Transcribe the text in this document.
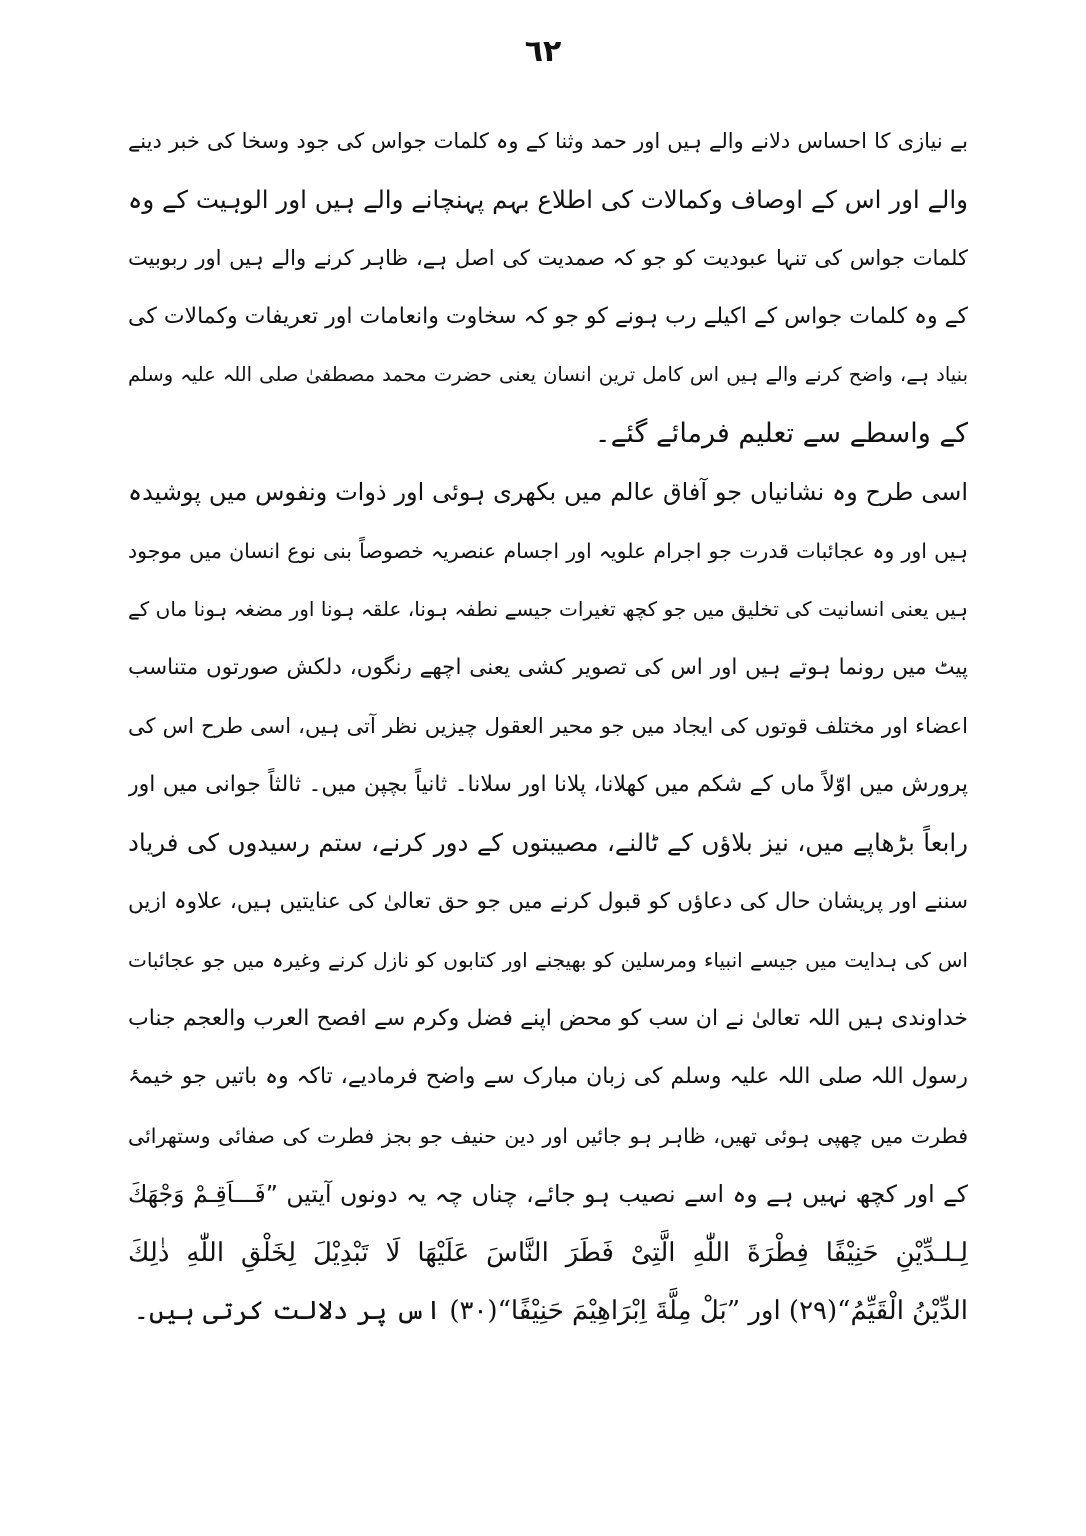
٦٢
بے نیازی کا احساس دلانے والے ہیں اور حمد وثنا کے وہ کلمات جواس کی جود وسخا کی خبر دینے
والے اور اس کے اوصاف وکمالات کی اطلاع بہم پہنچانے والے ہیں اور الوہیت کے وہ
کلمات جواس کی تنہا عبودیت کو جو کہ صمدیت کی اصل ہے، ظاہر کرنے والے ہیں اور ربوبیت
کے وہ کلمات جواس کے اکیلے رب ہونے کو جو کہ سخاوت وانعامات اور تعریفات وکمالات کی
بنیاد ہے، واضح کرنے والے ہیں اس کامل ترین انسان یعنی حضرت محمد مصطفیٰ صلی اللہ علیہ وسلم
کے واسطے سے تعلیم فرمائے گئے۔
اسی طرح وہ نشانیاں جو آفاق عالم میں بکھری ہوئی اور ذوات ونفوس میں پوشیدہ
ہیں اور وہ عجائبات قدرت جو اجرام علویہ اور اجسام عنصریہ خصوصاً بنی نوع انسان میں موجود
ہیں یعنی انسانیت کی تخلیق میں جو کچھ تغیرات جیسے نطفہ ہونا، علقہ ہونا اور مضغہ ہونا ماں کے
پیٹ میں رونما ہوتے ہیں اور اس کی تصویر کشی یعنی اچھے رنگوں، دلکش صورتوں متناسب
اعضاء اور مختلف قوتوں کی ایجاد میں جو محیر العقول چیزیں نظر آتی ہیں، اسی طرح اس کی
پرورش میں اوّلاً ماں کے شکم میں کھلانا، پلانا اور سلانا۔ ثانیاً بچپن میں۔ ثالثاً جوانی میں اور
رابعاً بڑھاپے میں، نیز بلاؤں کے ٹالنے، مصیبتوں کے دور کرنے، ستم رسیدوں کی فریاد
سننے اور پریشان حال کی دعاؤں کو قبول کرنے میں جو حق تعالیٰ کی عنایتیں ہیں، علاوہ ازیں
اس کی ہدایت میں جیسے انبیاء ومرسلین کو بھیجنے اور کتابوں کو نازل کرنے وغیرہ میں جو عجائبات
خداوندی ہیں اللہ تعالیٰ نے ان سب کو محض اپنے فضل وکرم سے افصح العرب والعجم جناب
رسول اللہ صلی اللہ علیہ وسلم کی زبان مبارک سے واضح فرمادیے، تاکہ وہ باتیں جو خیمۂ
فطرت میں چھپی ہوئی تھیں، ظاہر ہو جائیں اور دین حنیف جو بجز فطرت کی صفائی وستھرائی
کے اور کچھ نہیں ہے وہ اسے نصیب ہو جائے، چناں چہ یہ دونوں آیتیں ”فَـــاَقِـمْ وَجْهَكَ
لِـلـدِّيْنِ حَنِيْفًا فِطْرَةَ اللّٰهِ الَّتِىْ فَطَرَ النَّاسَ عَلَيْهَا لَا تَبْدِيْلَ لِخَلْقِ اللّٰهِ ذٰلِكَ
الدِّيْنُ الْقَيِّمُ“(٢٩) اور ”بَلْ مِلَّةَ اِبْرَاهِيْمَ حَنِيْفًا“(٣٠) اس پر دلالت کرتی ہیں۔
